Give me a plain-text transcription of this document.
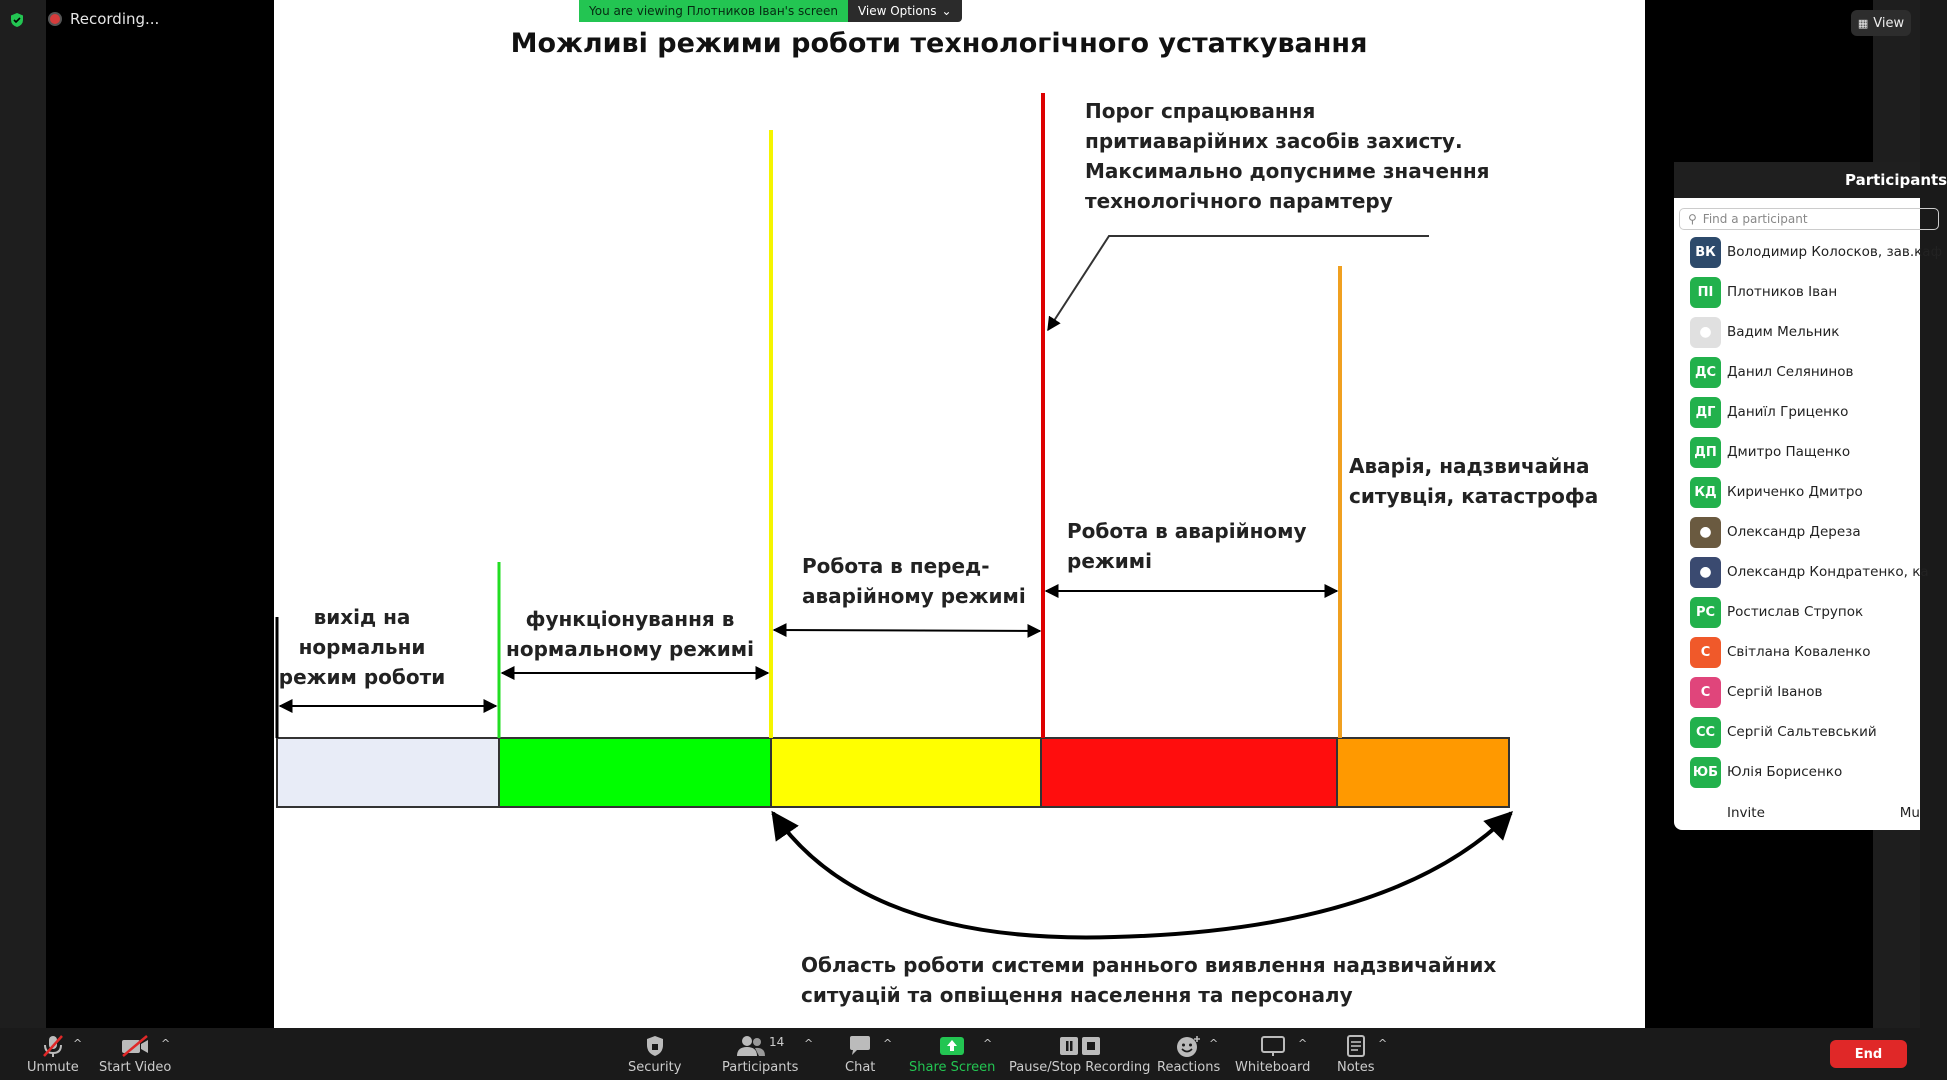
Можливі режими роботи технологічного устаткування
Порог спрацювання
притиаварійних засобів захисту.
Максимально допусниме значення
технологічного парамтеру
Аварія, надзвичайна
ситувція, катастрофа
Робота в аварійному
режимі
Робота в перед-
аварійному режимі
функціонування в
нормальному режимі
вихід на
нормальни
режим роботи
Область роботи системи раннього виявлення надзвичайних
ситуацій та опвіщення населення та персоналу
Recording...	You are viewing Плотников Іван's screen	View Options ⌄
▦ View
Participants
⚲ Find a participant
ВК Володимир Колосков, зав.каф
ПІ	Плотников Іван
● Вадим Мельник
ДС Данил Селянинов
ДГ Даниїл Гриценко
ДП Дмитро Пащенко
КД Кириченко Дмитро
● Олександр Дереза
● Олександр Кондратенко, ка
РС Ростислав Струпок
С	Світлана Коваленко
С	Сергій Іванов
СС Сергій Сальтевський
ЮБ Юлія Борисенко
Invite	Mu
Unmute
^
Start Video
^
Security
14
Participants
^
Chat
^
Share Screen
^
Pause/Stop Recording Reactions
^
Whiteboard
^
Notes
^
End
